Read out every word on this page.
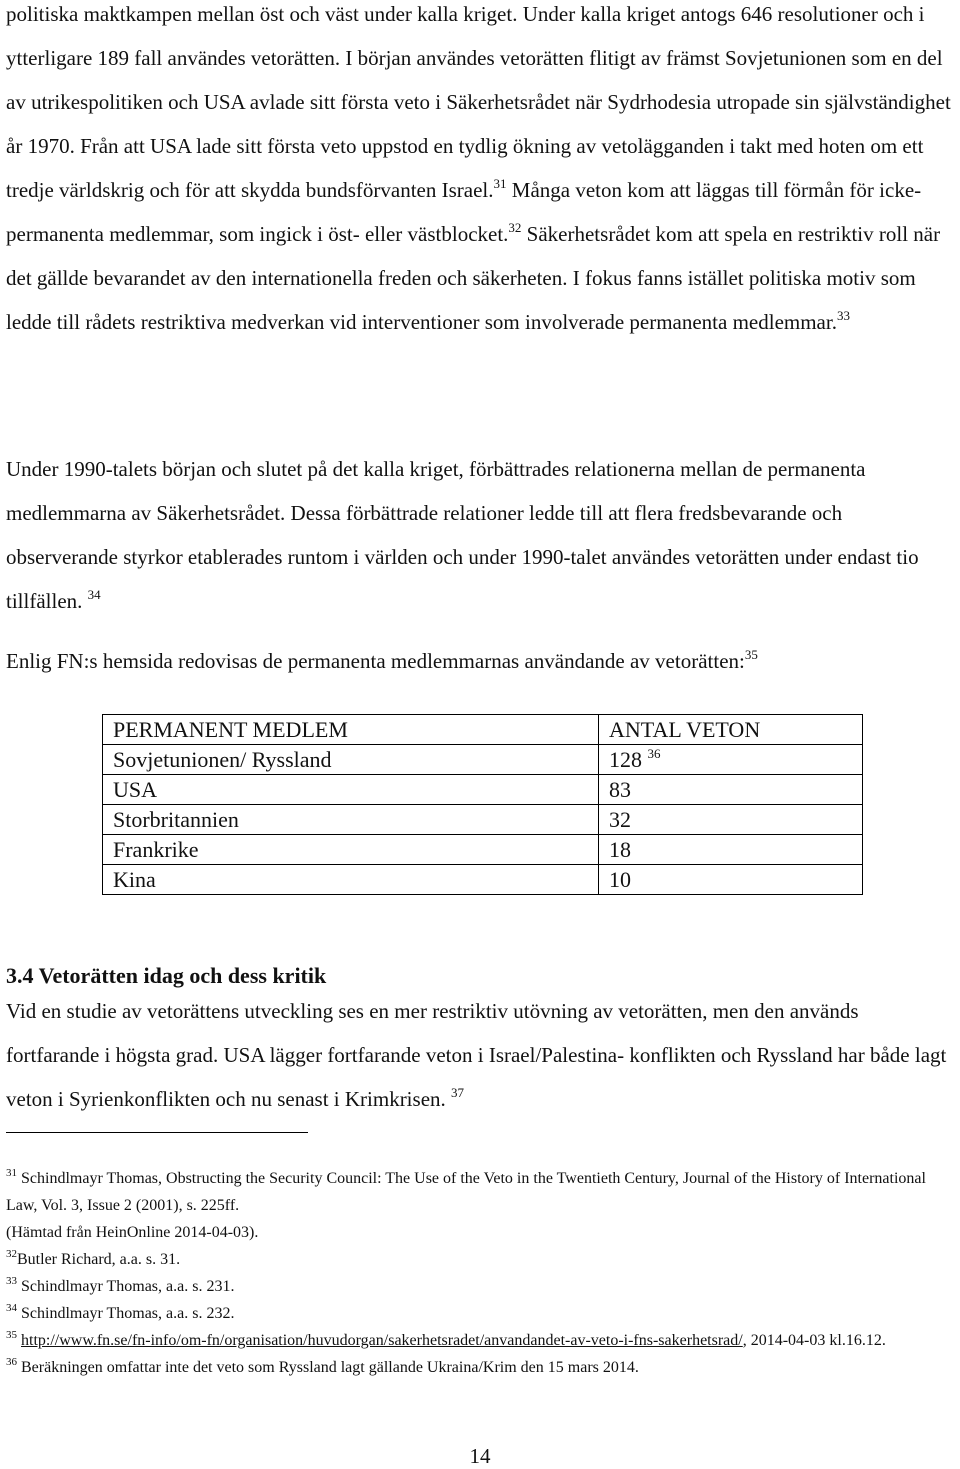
politiska maktkampen mellan öst och väst under kalla kriget. Under kalla kriget antogs 646 resolutioner och i ytterligare 189 fall användes vetorätten. I början användes vetorätten flitigt av främst Sovjetunionen som en del av utrikespolitiken och USA avlade sitt första veto i Säkerhetsrådet när Sydrhodesia utropade sin självständighet år 1970. Från att USA lade sitt första veto uppstod en tydlig ökning av vetolägganden i takt med hoten om ett tredje världskrig och för att skydda bundsförvanten Israel.$^{31}$ Många veton kom att läggas till förmån för icke-permanenta medlemmar, som ingick i öst- eller västblocket.$^{32}$ Säkerhetsrådet kom att spela en restriktiv roll när det gällde bevarandet av den internationella freden och säkerheten. I fokus fanns istället politiska motiv som ledde till rådets restriktiva medverkan vid interventioner som involverade permanenta medlemmar.$^{33}$

Under 1990-talets början och slutet på det kalla kriget, förbättrades relationerna mellan de permanenta medlemmarna av Säkerhetsrådet. Dessa förbättrade relationer ledde till att flera fredsbevarande och observerande styrkor etablerades runtom i världen och under 1990-talet användes vetorätten under endast tio tillfällen. $^{34}$

Enlig FN:s hemsida redovisas de permanenta medlemmarnas användande av vetorätten:$^{35}$

PERMANENT MEDLEM	ANTAL VETON
Sovjetunionen/ Ryssland	128 $^{36}$
USA	83
Storbritannien	32
Frankrike	18
Kina	10
3.4 Vetorätten idag och dess kritik

Vid en studie av vetorättens utveckling ses en mer restriktiv utövning av vetorätten, men den används fortfarande i högsta grad. USA lägger fortfarande veton i Israel/Palestina- konflikten och Ryssland har både lagt veton i Syrienkonflikten och nu senast i Krimkrisen. $^{37}$

$^{31}$ Schindlmayr Thomas, Obstructing the Security Council: The Use of the Veto in the Twentieth Century, Journal of the History of International Law, Vol. 3, Issue 2 (2001), s. 225ff.

(Hämtad från HeinOnline 2014-04-03).

$^{32}$Butler Richard, a.a. s. 31.

$^{33}$ Schindlmayr Thomas, a.a. s. 231.

$^{34}$ Schindlmayr Thomas, a.a. s. 232.

$^{35}$ http://www.fn.se/fn-info/om-fn/organisation/huvudorgan/sakerhetsradet/anvandandet-av-veto-i-fns-sakerhetsrad/, 2014-04-03 kl.16.12.

$^{36}$ Beräkningen omfattar inte det veto som Ryssland lagt gällande Ukraina/Krim den 15 mars 2014.

14
